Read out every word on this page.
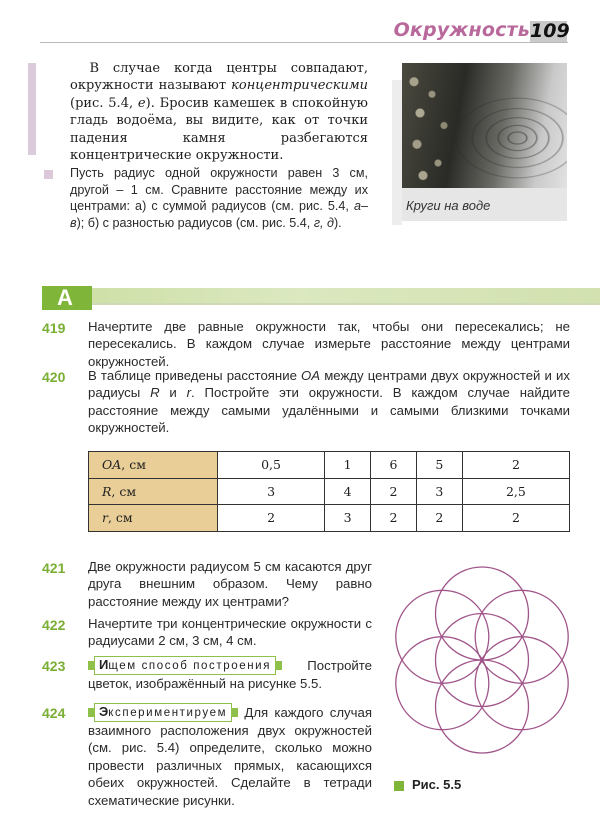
Окружность 109

  В случае когда центры совпадают, окружности называют концентрическими (рис. 5.4, е). Бросив камешек в спокойную гладь водоёма, вы видите, как от точки падения камня разбегаются концентрические окружности.

Пусть радиус одной окружности равен 3 см, другой – 1 см. Сравните расстояние между их центрами: а) с суммой радиусов (см. рис. 5.4, а–в); б) с разностью радиусов (см. рис. 5.4, г, д).
Круги на воде
А
419 Начертите две равные окружности так, чтобы они пересекались; не пересекались. В каждом случае измерьте расстояние между центрами окружностей.
420 В таблице приведены расстояние OA между центрами двух окружностей и их радиусы R и r. Постройте эти окружности. В каждом случае найдите расстояние между самыми удалёнными и самыми близкими точками окружностей.
OA, см	0,5	1	6	5	2
R, см	3	4	2	3	2,5
r, см	2	3	2	2	2
421 Две окружности радиусом 5 см касаются друг друга внешним образом. Чему равно расстояние между их центрами?
422 Начертите три концентрические окружности с радиусами 2 см, 3 см, 4 см.
423	Ищем способ построения Постройте цветок, изображённый на рисунке 5.5.
424	Экспериментируем Для каждого случая взаимного расположения двух окружностей (см. рис. 5.4) определите, сколько можно провести различных прямых, касающихся обеих окружностей. Сделайте в тетради схематические рисунки.
Рис. 5.5
